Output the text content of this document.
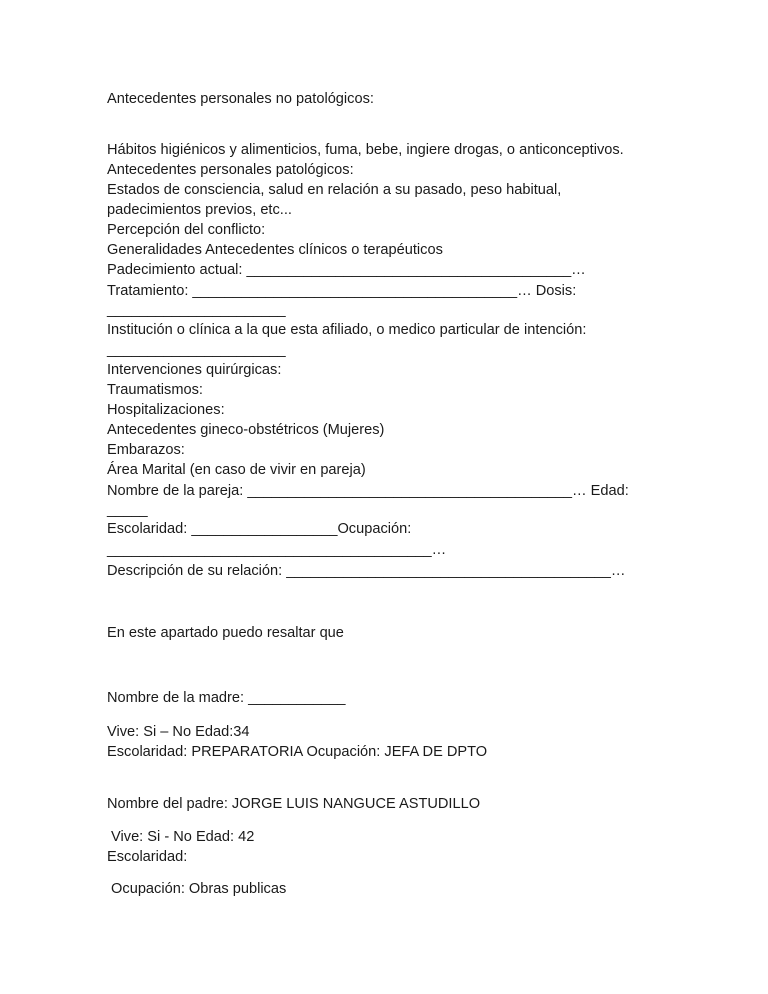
Antecedentes personales no patológicos:
Hábitos higiénicos y alimenticios, fuma, bebe, ingiere drogas, o anticonceptivos.
Antecedentes personales patológicos:
Estados de consciencia, salud en relación a su pasado, peso habitual,
padecimientos previos, etc...
Percepción del conflicto:
Generalidades Antecedentes clínicos o terapéuticos
Padecimiento actual: ________________________________________…
Tratamiento: ________________________________________… Dosis:
______________________
Institución o clínica a la que esta afiliado, o medico particular de intención:
______________________
Intervenciones quirúrgicas:
Traumatismos:
Hospitalizaciones:
Antecedentes gineco-obstétricos (Mujeres)
Embarazos:
Área Marital (en caso de vivir en pareja)
Nombre de la pareja: ________________________________________… Edad:
_____
Escolaridad: __________________Ocupación:
________________________________________…
Descripción de su relación: ________________________________________…
En este apartado puedo resaltar que
Nombre de la madre: ____________
Vive: Si – No Edad:34
Escolaridad: PREPARATORIA Ocupación: JEFA DE DPTO
Nombre del padre: JORGE LUIS NANGUCE ASTUDILLO
Vive: Si - No Edad: 42
Escolaridad:
Ocupación: Obras publicas
